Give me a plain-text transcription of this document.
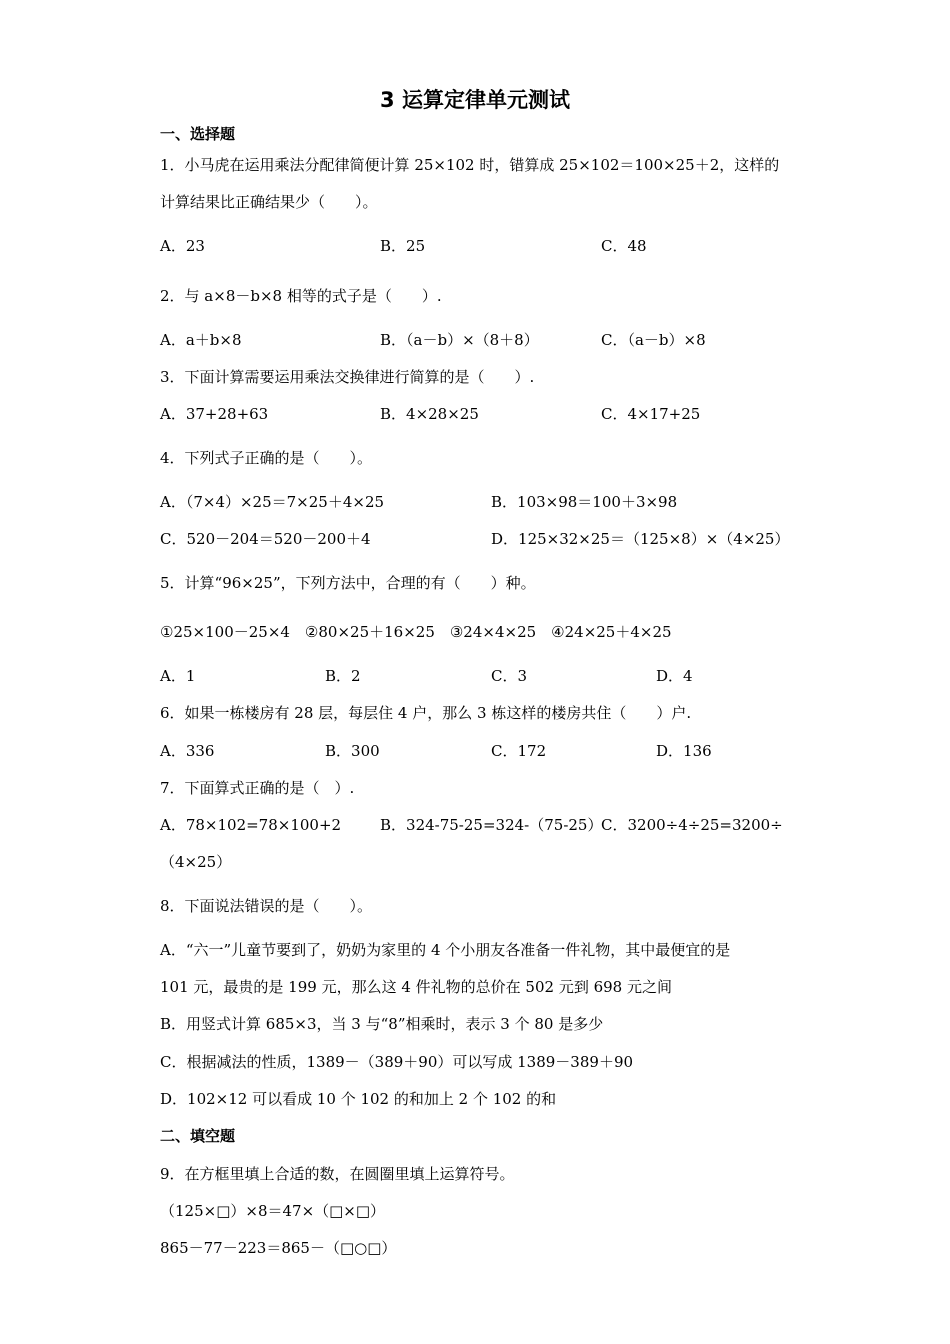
3 运算定律单元测试
一、选择题
1．小马虎在运用乘法分配律简便计算 25×102 时，错算成 25×102＝100×25＋2，这样的
计算结果比正确结果少（　　）。
A．23	B．25	C．48
2．与 a×8－b×8 相等的式子是（　　）.
A．a＋b×8	B．（a－b）×（8＋8）	C．（a－b）×8
3．下面计算需要运用乘法交换律进行简算的是（　　）.
A．37+28+63	B．4×28×25	C．4×17+25
4．下列式子正确的是（　　）。
A．（7×4）×25＝7×25＋4×25	B．103×98＝100＋3×98
C．520－204＝520－200＋4	D．125×32×25＝（125×8）×（4×25）
5．计算“96×25”，下列方法中，合理的有（　　）种。
①25×100－25×4　②80×25＋16×25　③24×4×25　④24×25＋4×25
A．1	B．2	C．3	D．4
6．如果一栋楼房有 28 层，每层住 4 户，那么 3 栋这样的楼房共住（　　）户.
A．336	B．300	C．172	D．136
7．下面算式正确的是（　）.
A．78×102=78×100+2	B．324-75-25=324-（75-25）
C．3200÷4÷25=3200÷
（4×25）
8．下面说法错误的是（　　）。
A．“六一”儿童节要到了，奶奶为家里的 4 个小朋友各准备一件礼物，其中最便宜的是
101 元，最贵的是 199 元，那么这 4 件礼物的总价在 502 元到 698 元之间
B．用竖式计算 685×3，当 3 与“8”相乘时，表示 3 个 80 是多少
C．根据减法的性质，1389－（389＋90）可以写成 1389－389＋90
D．102×12 可以看成 10 个 102 的和加上 2 个 102 的和
二、填空题
9．在方框里填上合适的数，在圆圈里填上运算符号。
（125×□）×8＝47×（□×□）
865－77－223＝865－（□○□）
